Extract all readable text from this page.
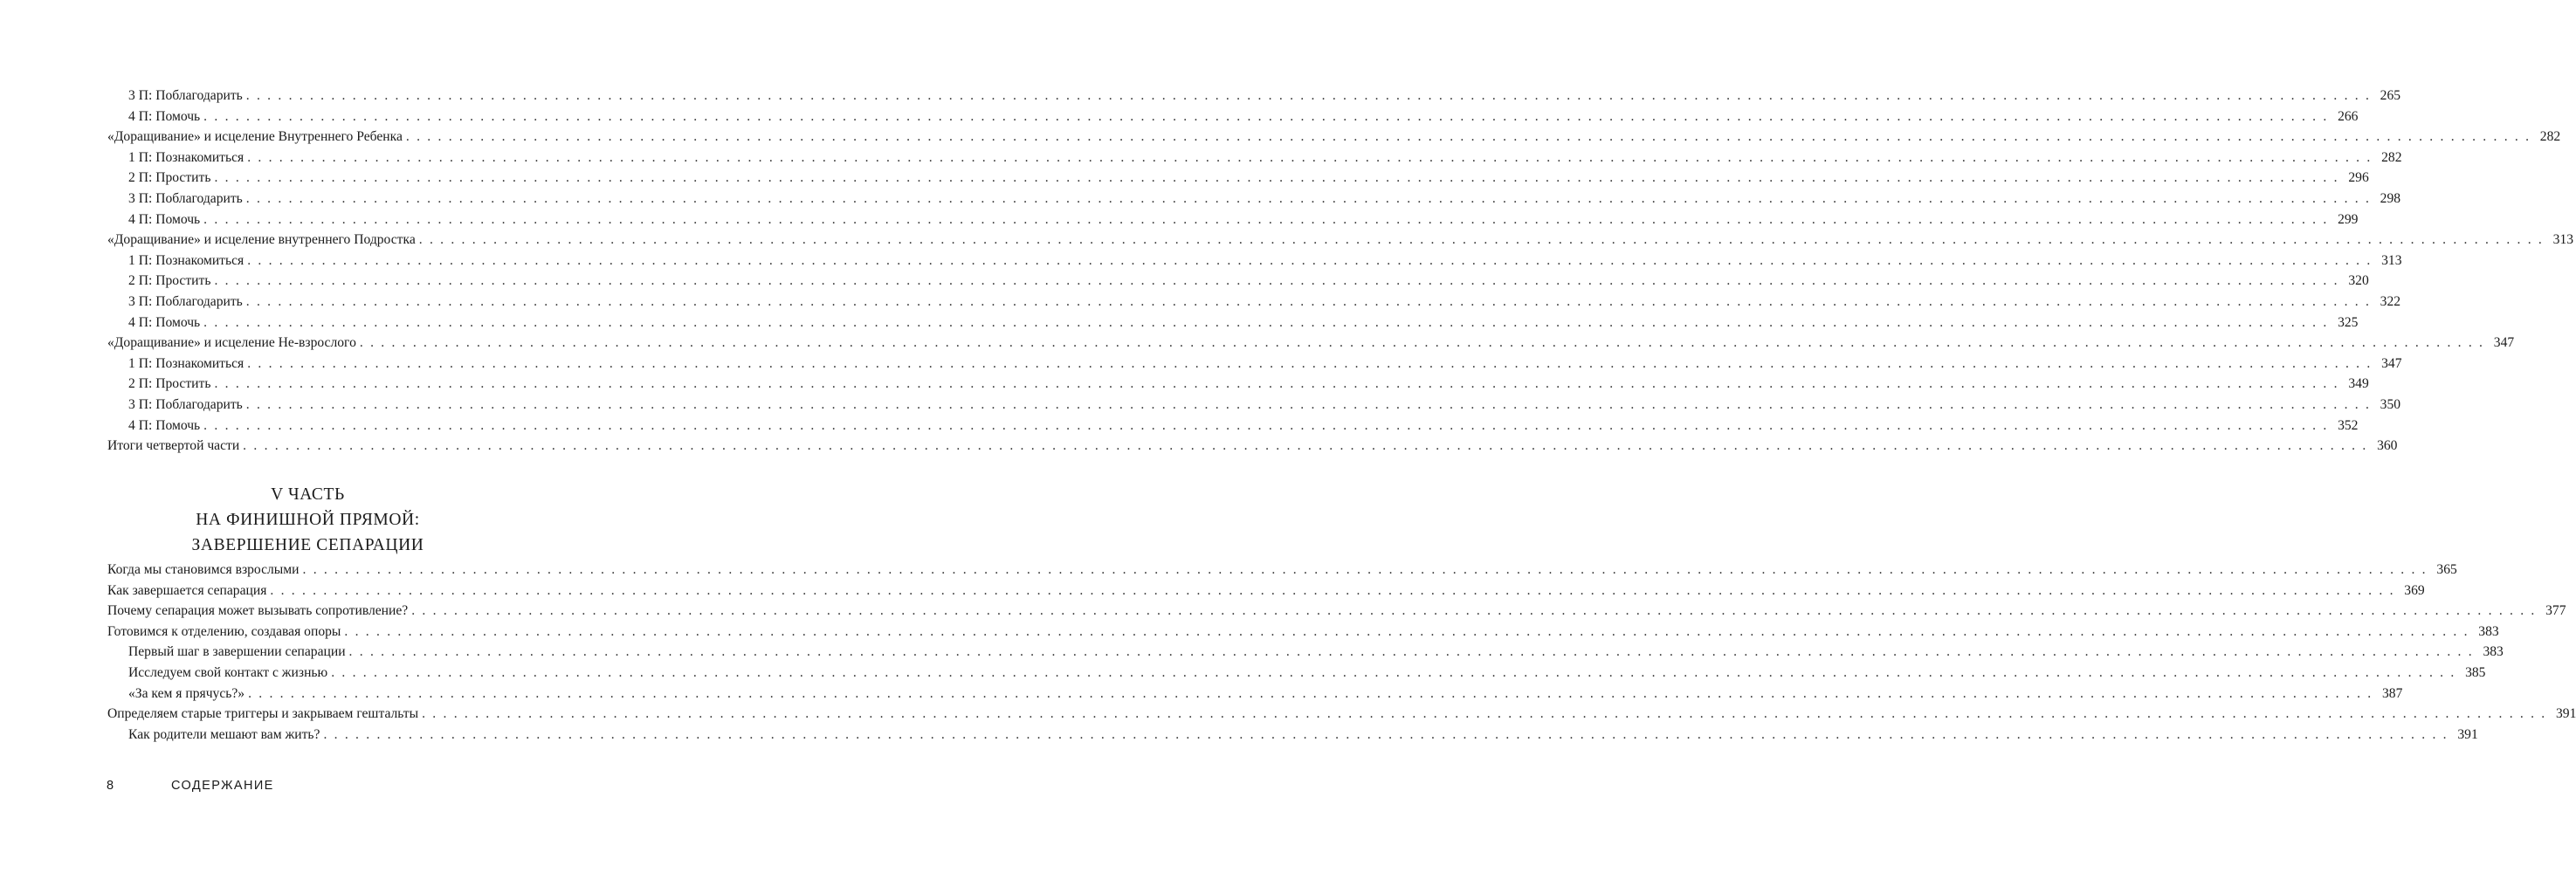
3 П: Поблагодарить . . . . . . . . . . . . . . . . . . . . . . . . . . . . . . . . . . . . . . . . . . . . . . . . . . . . . . . . . . . . . . . . . . . . . . . . . . . . . . . . . . . . . . . . . . . . . . . . . . . . . . . . . . . . . . . . . . . . . . . . . . . . . . . . . . . . . . . . . . . . . . . . . . . . . . . . . . . . . . . . . . . . . . . . . . . . . . . . . . . . . . . . . . . . . . . . . . . . . . . . 265
4 П: Помочь . . . . . . . . . . . . . . . . . . . . . . . . . . . . . . . . . . . . . . . . . . . . . . . . . . . . . . . . . . . . . . . . . . . . . . . . . . . . . . . . . . . . . . . . . . . . . . . . . . . . . . . . . . . . . . . . . . . . . . . . . . . . . . . . . . . . . . . . . . . . . . . . . . . . . . . . . . . . . . . . . . . . . . . . . . . . . . . . . . . . . . . . . . . . . . . . . . . . . . . . 266
«Доращивание» и исцеление Внутреннего Ребенка . . . . . . . . . . . . . . . . . . . . . . . . . . . . . . . . . . . . . . . . . . . . . . . . . . . . . . . . . . . . . . . . . . . . . . . . . . . . . . . . . . . . . . . . . . . . . . . . . . . . . . . . . . . . . . . . . . . . . . . . . . . . . . . . . . . . . . . . . . . . . . . . . . . . . . . . . . . . . . . . . . . . . . . . . . . . . . . . . . . . . . . . . . . . . . . . . . . . . . . . 282
1 П: Познакомиться . . . . . . . . . . . . . . . . . . . . . . . . . . . . . . . . . . . . . . . . . . . . . . . . . . . . . . . . . . . . . . . . . . . . . . . . . . . . . . . . . . . . . . . . . . . . . . . . . . . . . . . . . . . . . . . . . . . . . . . . . . . . . . . . . . . . . . . . . . . . . . . . . . . . . . . . . . . . . . . . . . . . . . . . . . . . . . . . . . . . . . . . . . . . . . . . . . . . . . . . 282
2 П: Простить . . . . . . . . . . . . . . . . . . . . . . . . . . . . . . . . . . . . . . . . . . . . . . . . . . . . . . . . . . . . . . . . . . . . . . . . . . . . . . . . . . . . . . . . . . . . . . . . . . . . . . . . . . . . . . . . . . . . . . . . . . . . . . . . . . . . . . . . . . . . . . . . . . . . . . . . . . . . . . . . . . . . . . . . . . . . . . . . . . . . . . . . . . . . . . . . . . . . . . . . 296
3 П: Поблагодарить . . . . . . . . . . . . . . . . . . . . . . . . . . . . . . . . . . . . . . . . . . . . . . . . . . . . . . . . . . . . . . . . . . . . . . . . . . . . . . . . . . . . . . . . . . . . . . . . . . . . . . . . . . . . . . . . . . . . . . . . . . . . . . . . . . . . . . . . . . . . . . . . . . . . . . . . . . . . . . . . . . . . . . . . . . . . . . . . . . . . . . . . . . . . . . . . . . . . . . . . 298
4 П: Помочь . . . . . . . . . . . . . . . . . . . . . . . . . . . . . . . . . . . . . . . . . . . . . . . . . . . . . . . . . . . . . . . . . . . . . . . . . . . . . . . . . . . . . . . . . . . . . . . . . . . . . . . . . . . . . . . . . . . . . . . . . . . . . . . . . . . . . . . . . . . . . . . . . . . . . . . . . . . . . . . . . . . . . . . . . . . . . . . . . . . . . . . . . . . . . . . . . . . . . . . . 299
«Доращивание» и исцеление внутреннего Подростка . . . . . . . . . . . . . . . . . . . . . . . . . . . . . . . . . . . . . . . . . . . . . . . . . . . . . . . . . . . . . . . . . . . . . . . . . . . . . . . . . . . . . . . . . . . . . . . . . . . . . . . . . . . . . . . . . . . . . . . . . . . . . . . . . . . . . . . . . . . . . . . . . . . . . . . . . . . . . . . . . . . . . . . . . . . . . . . . . . . . . . . . . . . . . . . . . . . . . . . . 313
1 П: Познакомиться . . . . . . . . . . . . . . . . . . . . . . . . . . . . . . . . . . . . . . . . . . . . . . . . . . . . . . . . . . . . . . . . . . . . . . . . . . . . . . . . . . . . . . . . . . . . . . . . . . . . . . . . . . . . . . . . . . . . . . . . . . . . . . . . . . . . . . . . . . . . . . . . . . . . . . . . . . . . . . . . . . . . . . . . . . . . . . . . . . . . . . . . . . . . . . . . . . . . . . . . 313
2 П: Простить . . . . . . . . . . . . . . . . . . . . . . . . . . . . . . . . . . . . . . . . . . . . . . . . . . . . . . . . . . . . . . . . . . . . . . . . . . . . . . . . . . . . . . . . . . . . . . . . . . . . . . . . . . . . . . . . . . . . . . . . . . . . . . . . . . . . . . . . . . . . . . . . . . . . . . . . . . . . . . . . . . . . . . . . . . . . . . . . . . . . . . . . . . . . . . . . . . . . . . . . 320
3 П: Поблагодарить . . . . . . . . . . . . . . . . . . . . . . . . . . . . . . . . . . . . . . . . . . . . . . . . . . . . . . . . . . . . . . . . . . . . . . . . . . . . . . . . . . . . . . . . . . . . . . . . . . . . . . . . . . . . . . . . . . . . . . . . . . . . . . . . . . . . . . . . . . . . . . . . . . . . . . . . . . . . . . . . . . . . . . . . . . . . . . . . . . . . . . . . . . . . . . . . . . . . . . . . 322
4 П: Помочь . . . . . . . . . . . . . . . . . . . . . . . . . . . . . . . . . . . . . . . . . . . . . . . . . . . . . . . . . . . . . . . . . . . . . . . . . . . . . . . . . . . . . . . . . . . . . . . . . . . . . . . . . . . . . . . . . . . . . . . . . . . . . . . . . . . . . . . . . . . . . . . . . . . . . . . . . . . . . . . . . . . . . . . . . . . . . . . . . . . . . . . . . . . . . . . . . . . . . . . . 325
«Доращивание» и исцеление Не-взрослого . . . . . . . . . . . . . . . . . . . . . . . . . . . . . . . . . . . . . . . . . . . . . . . . . . . . . . . . . . . . . . . . . . . . . . . . . . . . . . . . . . . . . . . . . . . . . . . . . . . . . . . . . . . . . . . . . . . . . . . . . . . . . . . . . . . . . . . . . . . . . . . . . . . . . . . . . . . . . . . . . . . . . . . . . . . . . . . . . . . . . . . . . . . . . . . . . . . . . . . . 347
1 П: Познакомиться . . . . . . . . . . . . . . . . . . . . . . . . . . . . . . . . . . . . . . . . . . . . . . . . . . . . . . . . . . . . . . . . . . . . . . . . . . . . . . . . . . . . . . . . . . . . . . . . . . . . . . . . . . . . . . . . . . . . . . . . . . . . . . . . . . . . . . . . . . . . . . . . . . . . . . . . . . . . . . . . . . . . . . . . . . . . . . . . . . . . . . . . . . . . . . . . . . . . . . . . 347
2 П: Простить . . . . . . . . . . . . . . . . . . . . . . . . . . . . . . . . . . . . . . . . . . . . . . . . . . . . . . . . . . . . . . . . . . . . . . . . . . . . . . . . . . . . . . . . . . . . . . . . . . . . . . . . . . . . . . . . . . . . . . . . . . . . . . . . . . . . . . . . . . . . . . . . . . . . . . . . . . . . . . . . . . . . . . . . . . . . . . . . . . . . . . . . . . . . . . . . . . . . . . . . 349
3 П: Поблагодарить . . . . . . . . . . . . . . . . . . . . . . . . . . . . . . . . . . . . . . . . . . . . . . . . . . . . . . . . . . . . . . . . . . . . . . . . . . . . . . . . . . . . . . . . . . . . . . . . . . . . . . . . . . . . . . . . . . . . . . . . . . . . . . . . . . . . . . . . . . . . . . . . . . . . . . . . . . . . . . . . . . . . . . . . . . . . . . . . . . . . . . . . . . . . . . . . . . . . . . . . 350
4 П: Помочь . . . . . . . . . . . . . . . . . . . . . . . . . . . . . . . . . . . . . . . . . . . . . . . . . . . . . . . . . . . . . . . . . . . . . . . . . . . . . . . . . . . . . . . . . . . . . . . . . . . . . . . . . . . . . . . . . . . . . . . . . . . . . . . . . . . . . . . . . . . . . . . . . . . . . . . . . . . . . . . . . . . . . . . . . . . . . . . . . . . . . . . . . . . . . . . . . . . . . . . . 352
Итоги четвертой части . . . . . . . . . . . . . . . . . . . . . . . . . . . . . . . . . . . . . . . . . . . . . . . . . . . . . . . . . . . . . . . . . . . . . . . . . . . . . . . . . . . . . . . . . . . . . . . . . . . . . . . . . . . . . . . . . . . . . . . . . . . . . . . . . . . . . . . . . . . . . . . . . . . . . . . . . . . . . . . . . . . . . . . . . . . . . . . . . . . . . . . . . . . . . . . . . . . . . . . . 360
V ЧАСТЬ
НА ФИНИШНОЙ ПРЯМОЙ:
ЗАВЕРШЕНИЕ СЕПАРАЦИИ
Когда мы становимся взрослыми . . . . . . . . . . . . . . . . . . . . . . . . . . . . . . . . . . . . . . . . . . . . . . . . . . . . . . . . . . . . . . . . . . . . . . . . . . . . . . . . . . . . . . . . . . . . . . . . . . . . . . . . . . . . . . . . . . . . . . . . . . . . . . . . . . . . . . . . . . . . . . . . . . . . . . . . . . . . . . . . . . . . . . . . . . . . . . . . . . . . . . . . . . . . . . . . . . . . . . . . 365
Как завершается сепарация . . . . . . . . . . . . . . . . . . . . . . . . . . . . . . . . . . . . . . . . . . . . . . . . . . . . . . . . . . . . . . . . . . . . . . . . . . . . . . . . . . . . . . . . . . . . . . . . . . . . . . . . . . . . . . . . . . . . . . . . . . . . . . . . . . . . . . . . . . . . . . . . . . . . . . . . . . . . . . . . . . . . . . . . . . . . . . . . . . . . . . . . . . . . . . . . . . . . . . . . 369
Почему сепарация может вызывать сопротивление? . . . . . . . . . . . . . . . . . . . . . . . . . . . . . . . . . . . . . . . . . . . . . . . . . . . . . . . . . . . . . . . . . . . . . . . . . . . . . . . . . . . . . . . . . . . . . . . . . . . . . . . . . . . . . . . . . . . . . . . . . . . . . . . . . . . . . . . . . . . . . . . . . . . . . . . . . . . . . . . . . . . . . . . . . . . . . . . . . . . . . . . . . . . . . . . . . . . . . . . . 377
Готовимся к отделению, создавая опоры . . . . . . . . . . . . . . . . . . . . . . . . . . . . . . . . . . . . . . . . . . . . . . . . . . . . . . . . . . . . . . . . . . . . . . . . . . . . . . . . . . . . . . . . . . . . . . . . . . . . . . . . . . . . . . . . . . . . . . . . . . . . . . . . . . . . . . . . . . . . . . . . . . . . . . . . . . . . . . . . . . . . . . . . . . . . . . . . . . . . . . . . . . . . . . . . . . . . . . . . 383
Первый шаг в завершении сепарации . . . . . . . . . . . . . . . . . . . . . . . . . . . . . . . . . . . . . . . . . . . . . . . . . . . . . . . . . . . . . . . . . . . . . . . . . . . . . . . . . . . . . . . . . . . . . . . . . . . . . . . . . . . . . . . . . . . . . . . . . . . . . . . . . . . . . . . . . . . . . . . . . . . . . . . . . . . . . . . . . . . . . . . . . . . . . . . . . . . . . . . . . . . . . . . . . . . . . . . . 383
Исследуем свой контакт с жизнью . . . . . . . . . . . . . . . . . . . . . . . . . . . . . . . . . . . . . . . . . . . . . . . . . . . . . . . . . . . . . . . . . . . . . . . . . . . . . . . . . . . . . . . . . . . . . . . . . . . . . . . . . . . . . . . . . . . . . . . . . . . . . . . . . . . . . . . . . . . . . . . . . . . . . . . . . . . . . . . . . . . . . . . . . . . . . . . . . . . . . . . . . . . . . . . . . . . . . . . . 385
«За кем я прячусь?» . . . . . . . . . . . . . . . . . . . . . . . . . . . . . . . . . . . . . . . . . . . . . . . . . . . . . . . . . . . . . . . . . . . . . . . . . . . . . . . . . . . . . . . . . . . . . . . . . . . . . . . . . . . . . . . . . . . . . . . . . . . . . . . . . . . . . . . . . . . . . . . . . . . . . . . . . . . . . . . . . . . . . . . . . . . . . . . . . . . . . . . . . . . . . . . . . . . . . . . . 387
Определяем старые триггеры и закрываем гештальты . . . . . . . . . . . . . . . . . . . . . . . . . . . . . . . . . . . . . . . . . . . . . . . . . . . . . . . . . . . . . . . . . . . . . . . . . . . . . . . . . . . . . . . . . . . . . . . . . . . . . . . . . . . . . . . . . . . . . . . . . . . . . . . . . . . . . . . . . . . . . . . . . . . . . . . . . . . . . . . . . . . . . . . . . . . . . . . . . . . . . . . . . . . . . . . . . . . . . . . . 391
Как родители мешают вам жить? . . . . . . . . . . . . . . . . . . . . . . . . . . . . . . . . . . . . . . . . . . . . . . . . . . . . . . . . . . . . . . . . . . . . . . . . . . . . . . . . . . . . . . . . . . . . . . . . . . . . . . . . . . . . . . . . . . . . . . . . . . . . . . . . . . . . . . . . . . . . . . . . . . . . . . . . . . . . . . . . . . . . . . . . . . . . . . . . . . . . . . . . . . . . . . . . . . . . . . . . 391
8	СОДЕРЖАНИЕ
